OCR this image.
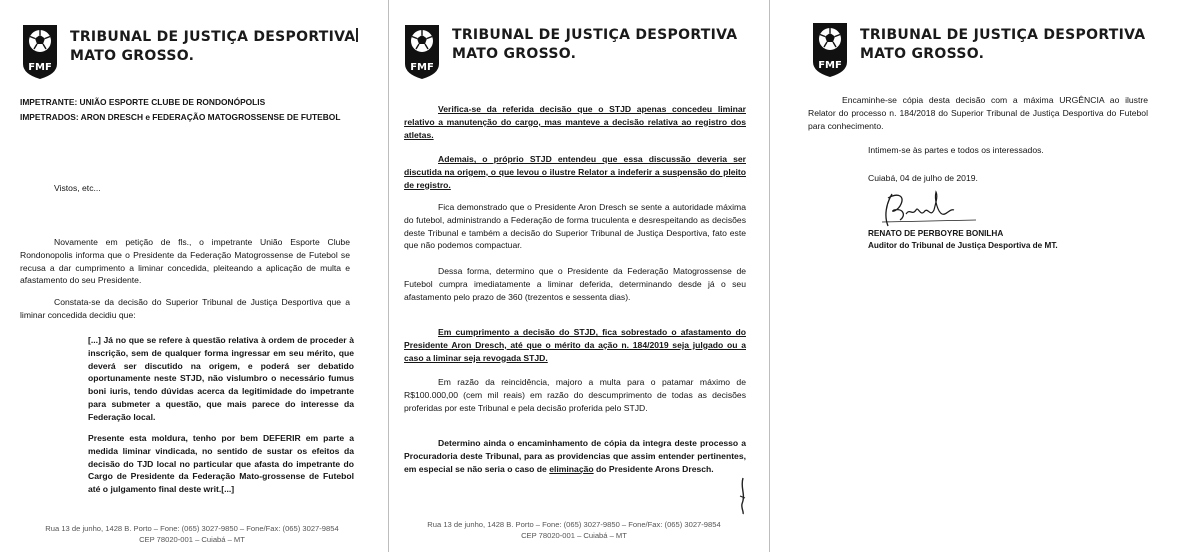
FMF
TRIBUNAL DE JUSTIÇA DESPORTIVA
MATO GROSSO.
IMPETRANTE: UNIÃO ESPORTE CLUBE DE RONDONÓPOLIS
IMPETRADOS: ARON DRESCH e FEDERAÇÃO MATOGROSSENSE DE FUTEBOL
Vistos, etc...
Novamente em petição de fls., o impetrante União Esporte Clube Rondonopolis informa que o Presidente da Federação Matogrossense de Futebol se recusa a dar cumprimento a liminar concedida, pleiteando a aplicação de multa e afastamento do seu Presidente.
Constata-se da decisão do Superior Tribunal de Justiça Desportiva que a liminar concedida decidiu que:
[...] Já no que se refere à questão relativa à ordem de proceder à inscrição, sem de qualquer forma ingressar em seu mérito, que deverá ser discutido na origem, e poderá ser debatido oportunamente neste STJD, não vislumbro o necessário fumus boni iuris, tendo dúvidas acerca da legitimidade do impetrante para submeter a questão, que mais parece do interesse da Federação local.
Presente esta moldura, tenho por bem DEFERIR em parte a medida liminar vindicada, no sentido de sustar os efeitos da decisão do TJD local no particular que afasta do impetrante do Cargo de Presidente da Federação Mato-grossense de Futebol até o julgamento final deste writ.[...]
Rua 13 de junho, 1428 B. Porto – Fone: (065) 3027-9850 – Fone/Fax: (065) 3027-9854
CEP 78020-001 – Cuiabá – MT
FMF
TRIBUNAL DE JUSTIÇA DESPORTIVA
MATO GROSSO.
Verifica-se da referida decisão que o STJD apenas concedeu liminar relativo a manutenção do cargo, mas manteve a decisão relativa ao registro dos atletas.
Ademais, o próprio STJD entendeu que essa discussão deveria ser discutida na origem, o que levou o ilustre Relator a indeferir a suspensão do pleito de registro.
Fica demonstrado que o Presidente Aron Dresch se sente a autoridade máxima do futebol, administrando a Federação de forma truculenta e desrespeitando as decisões deste Tribunal e também a decisão do Superior Tribunal de Justiça Desportiva, fato este que não podemos compactuar.
Dessa forma, determino que o Presidente da Federação Matogrossense de Futebol cumpra imediatamente a liminar deferida, determinando desde já o seu afastamento pelo prazo de 360 (trezentos e sessenta dias).
Em cumprimento a decisão do STJD, fica sobrestado o afastamento do Presidente Aron Dresch, até que o mérito da ação n. 184/2019 seja julgado ou a caso a liminar seja revogada STJD.
Em razão da reincidência, majoro a multa para o patamar máximo de R$100.000,00 (cem mil reais) em razão do descumprimento de todas as decisões proferidas por este Tribunal e pela decisão proferida pelo STJD.
Determino ainda o encaminhamento de cópia da integra deste processo a Procuradoria deste Tribunal, para as providencias que assim entender pertinentes, em especial se não seria o caso de eliminação do Presidente Arons Dresch.
Rua 13 de junho, 1428 B. Porto – Fone: (065) 3027-9850 – Fone/Fax: (065) 3027-9854
CEP 78020-001 – Cuiabá – MT
FMF
TRIBUNAL DE JUSTIÇA DESPORTIVA
MATO GROSSO.
Encaminhe-se cópia desta decisão com a máxima URGÊNCIA ao ilustre Relator do processo n. 184/2018 do Superior Tribunal de Justiça Desportiva do Futebol para conhecimento.
Intimem-se às partes e todos os interessados.
Cuiabá, 04 de julho de 2019.
RENATO DE PERBOYRE BONILHA
Auditor do Tribunal de Justiça Desportiva de MT.
